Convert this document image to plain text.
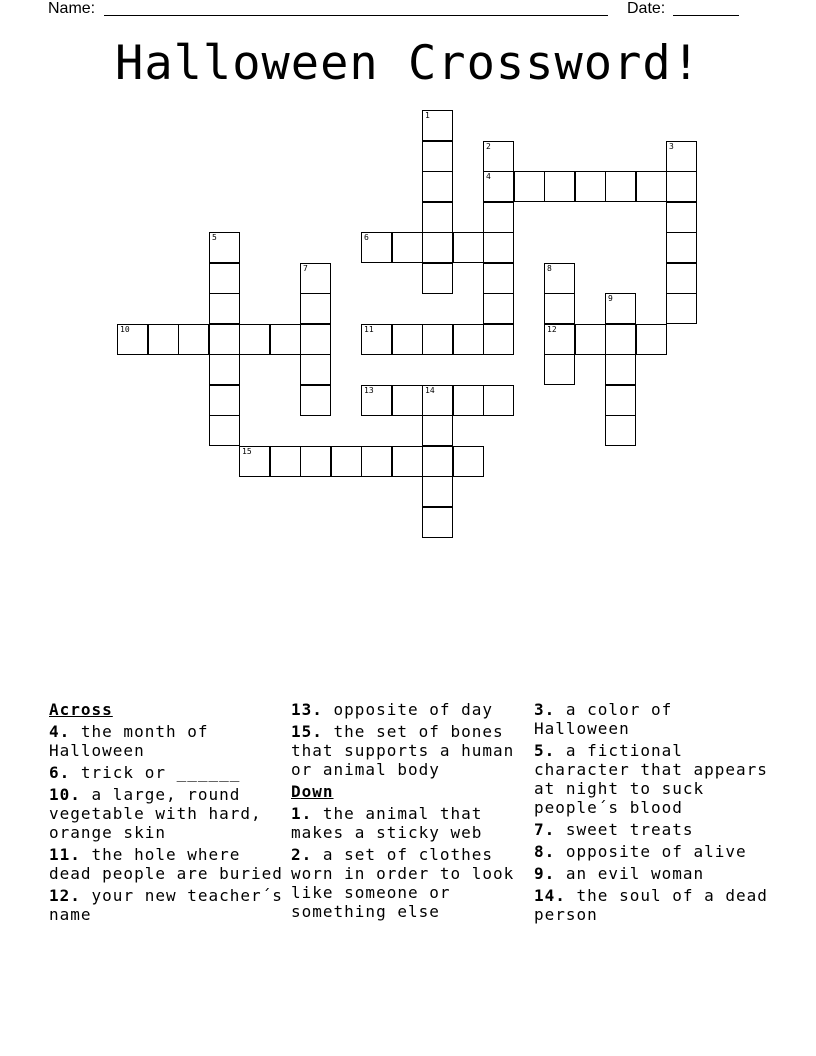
Name:	Date:
Halloween Crossword!
4
6
10	11	12
13	14
15
1
2	3
5
7	8
9
Across
4. the month of Halloween
6. trick or ______
10. a large, round vegetable with hard, orange skin
11. the hole where dead people are buried
12. your new teacher´s name
13. opposite of day
15. the set of bones that supports a human or animal body
Down
1. the animal that makes a sticky web
2. a set of clothes worn in order to look like someone or something else
3. a color of Halloween
5. a fictional character that appears at night to suck people´s blood
7. sweet treats
8. opposite of alive
9. an evil woman
14. the soul of a dead person
